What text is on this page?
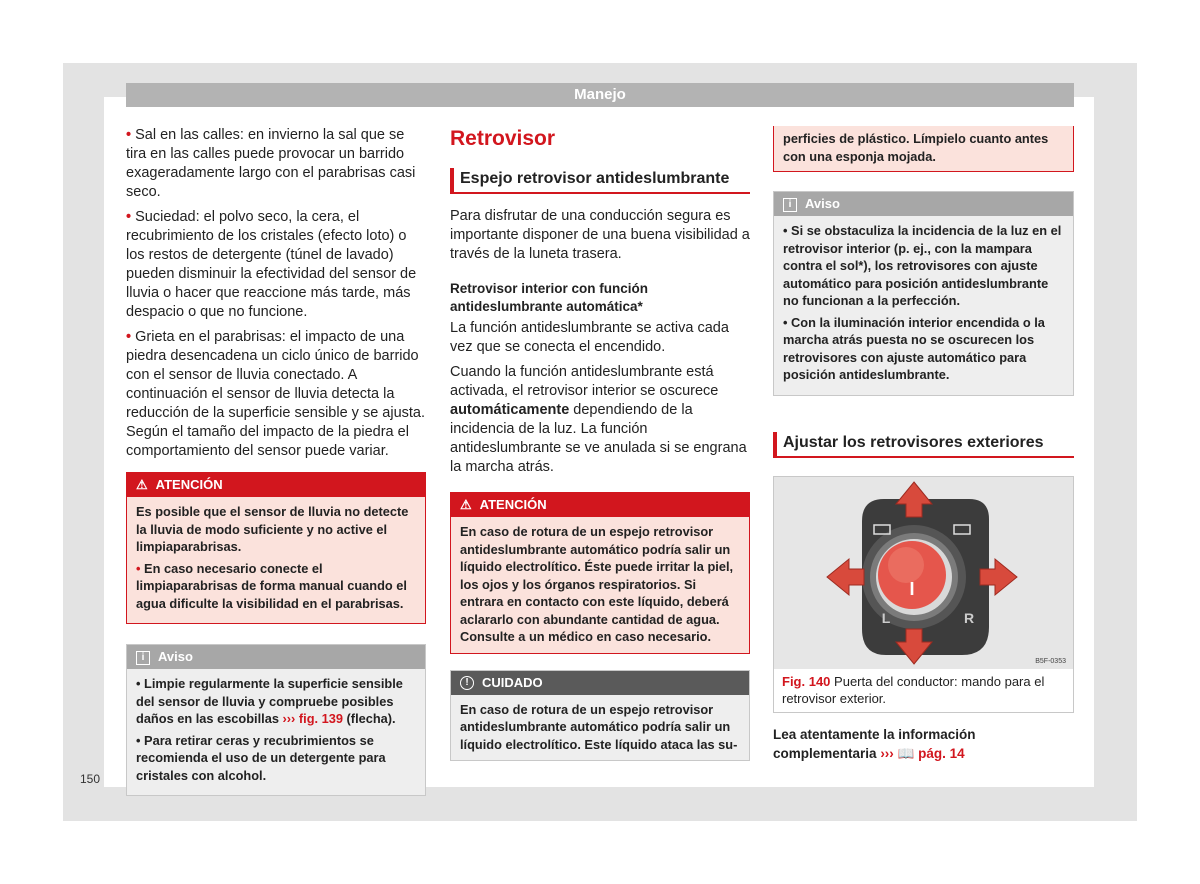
Manejo

• Sal en las calles: en invierno la sal que se tira en las calles puede provocar un barrido exageradamente largo con el parabrisas casi seco.

• Suciedad: el polvo seco, la cera, el recubrimiento de los cristales (efecto loto) o los restos de detergente (túnel de lavado) pueden disminuir la efectividad del sensor de lluvia o hacer que reaccione más tarde, más despacio o que no funcione.

• Grieta en el parabrisas: el impacto de una piedra desencadena un ciclo único de barrido con el sensor de lluvia conectado. A continuación el sensor de lluvia detecta la reducción de la superficie sensible y se ajusta. Según el tamaño del impacto de la piedra el comportamiento del sensor puede variar.

⚠ ATENCIÓN

Es posible que el sensor de lluvia no detecte la lluvia de modo suficiente y no active el limpiaparabrisas.

• En caso necesario conecte el limpiaparabrisas de forma manual cuando el agua dificulte la visibilidad en el parabrisas.

i Aviso

• Limpie regularmente la superficie sensible del sensor de lluvia y compruebe posibles daños en las escobillas ››› fig. 139 (flecha).

• Para retirar ceras y recubrimientos se recomienda el uso de un detergente para cristales con alcohol.

Retrovisor
Espejo retrovisor antideslumbrante

Para disfrutar de una conducción segura es importante disponer de una buena visibilidad a través de la luneta trasera.

Retrovisor interior con función antideslumbrante automática*

La función antideslumbrante se activa cada vez que se conecta el encendido.

Cuando la función antideslumbrante está activada, el retrovisor interior se oscurece automáticamente dependiendo de la incidencia de la luz. La función antideslumbrante se ve anulada si se engrana la marcha atrás.

⚠ ATENCIÓN
En caso de rotura de un espejo retrovisor antideslumbrante automático podría salir un líquido electrolítico. Éste puede irritar la piel, los ojos y los órganos respiratorios. Si entrara en contacto con este líquido, deberá aclararlo con abundante cantidad de agua. Consulte a un médico en caso necesario.
! CUIDADO
En caso de rotura de un espejo retrovisor antideslumbrante automático podría salir un líquido electrolítico. Este líquido ataca las su-
perficies de plástico. Límpielo cuanto antes con una esponja mojada.
i Aviso

• Si se obstaculiza la incidencia de la luz en el retrovisor interior (p. ej., con la mampara contra el sol*), los retrovisores con ajuste automático para posición antideslumbrante no funcionan a la perfección.

• Con la iluminación interior encendida o la marcha atrás puesta no se oscurecen los retrovisores con ajuste automático para posición antideslumbrante.

Ajustar los retrovisores exteriores
I
L	R
B5F-0353
Fig. 140 Puerta del conductor: mando para el retrovisor exterior.
Lea atentamente la información complementaria ››› 📖 pág. 14
150
